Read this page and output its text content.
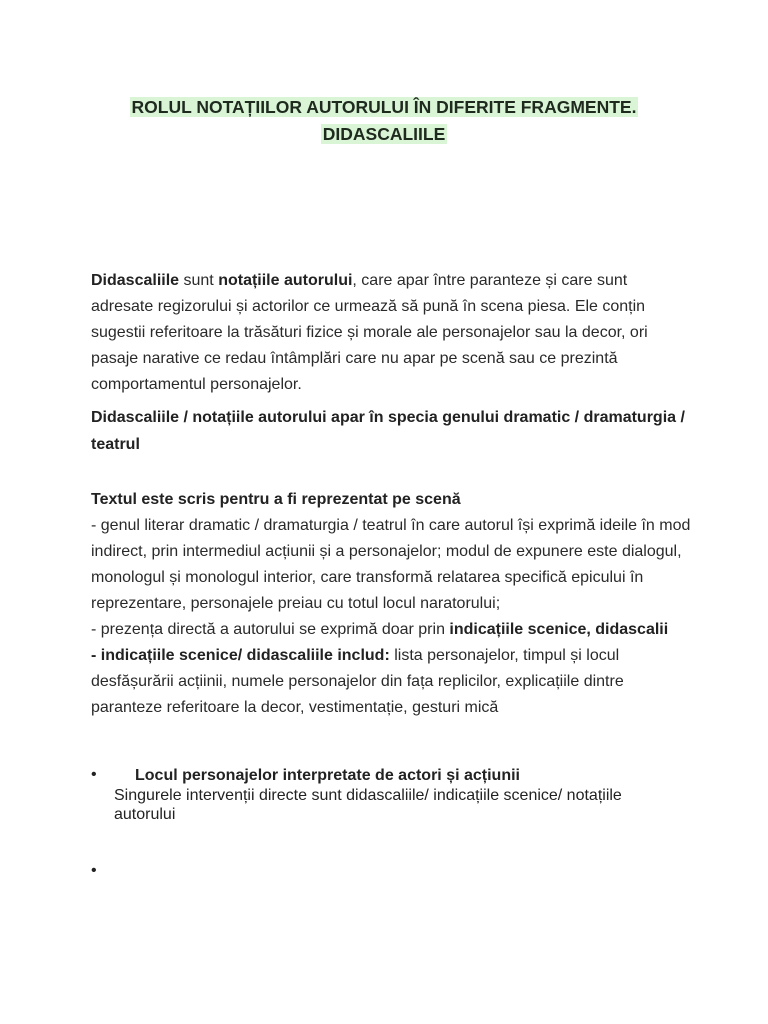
ROLUL NOTAȚIILOR AUTORULUI ÎN DIFERITE FRAGMENTE.
DIDASCALIILE

Didascaliile sunt notațiile autorului, care apar între paranteze și care sunt adresate regizorului și actorilor ce urmează să pună în scena piesa. Ele conțin sugestii referitoare la trăsături fizice și morale ale personajelor sau la decor, ori pasaje narative ce redau întâmplări care nu apar pe scenă sau ce prezintă comportamentul personajelor.

Didascaliile / notațiile autorului apar în specia genului dramatic / dramaturgia / teatrul

Textul este scris pentru a fi reprezentat pe scenă

- genul literar dramatic / dramaturgia / teatrul în care autorul își exprimă ideile în mod indirect, prin intermediul acțiunii și a personajelor; modul de expunere este dialogul, monologul și monologul interior, care transformă relatarea specifică epicului în reprezentare, personajele preiau cu totul locul naratorului;

- prezența directă a autorului se exprimă doar prin indicațiile scenice, didascalii

- indicațiile scenice/ didascaliile includ: lista personajelor, timpul și locul desfășurării acțiinii, numele personajelor din fața replicilor, explicațiile dintre paranteze referitoare la decor, vestimentație, gesturi mică

• Locul personajelor interpretate de actori și acțiunii
Singurele intervenții directe sunt didascaliile/ indicațiile scenice/ notațiile autorului
•
